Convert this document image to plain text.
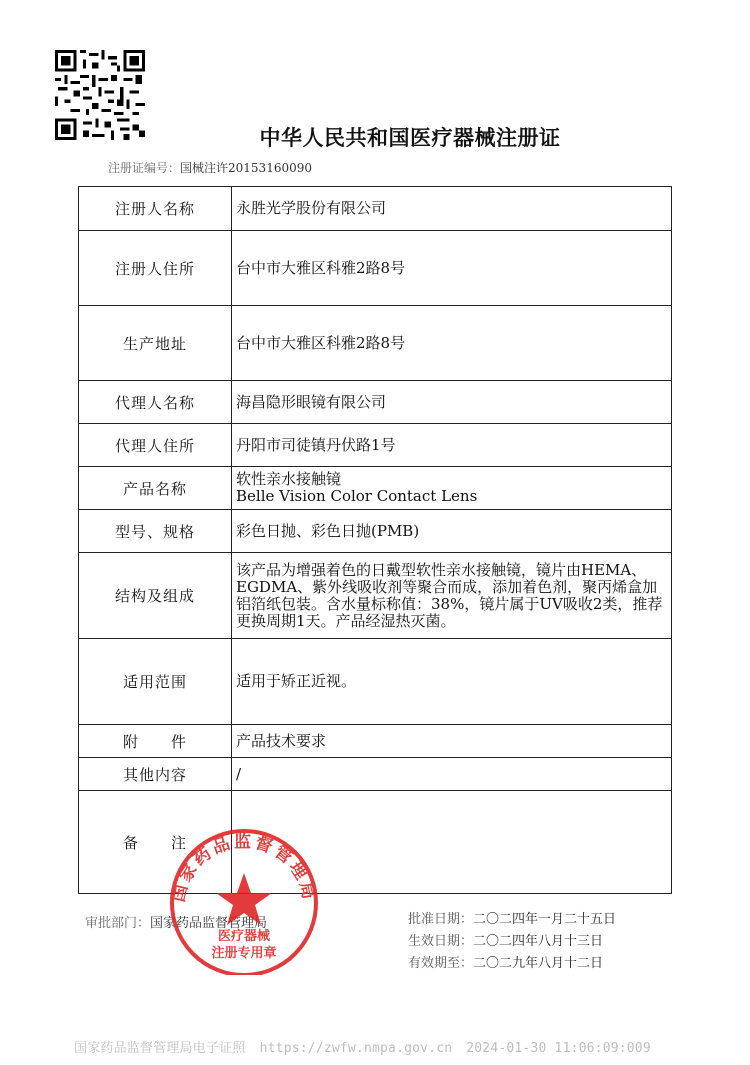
中华人民共和国医疗器械注册证
注册证编号：国械注许20153160090
注册人名称	永胜光学股份有限公司
注册人住所	台中市大雅区科雅2路8号
生产地址	台中市大雅区科雅2路8号
代理人名称	海昌隐形眼镜有限公司
代理人住所	丹阳市司徒镇丹伏路1号
产品名称	软性亲水接触镜
Belle Vision Color Contact Lens

型号、规格	彩色日抛、彩色日抛(PMB)
结构及组成	该产品为增强着色的日戴型软性亲水接触镜，镜片由HEMA、EGDMA、紫外线吸收剂等聚合而成，添加着色剂，聚丙烯盒加铝箔纸包装。含水量标称值：38%，镜片属于UV吸收2类，推荐更换周期1天。产品经湿热灭菌。
适用范围	适用于矫正近视。
附　　件	产品技术要求
其他内容	/
备　　注	
审批部门：国家药品监督管理局	批准日期：二〇二四年一月二十五日
生效日期：二〇二四年八月十三日
有效期至：二〇二九年八月十二日
国家药品监督管理局
医疗器械
注册专用章
国家药品监督管理局电子证照 https://zwfw.nmpa.gov.cn 2024-01-30 11:06:09:009
